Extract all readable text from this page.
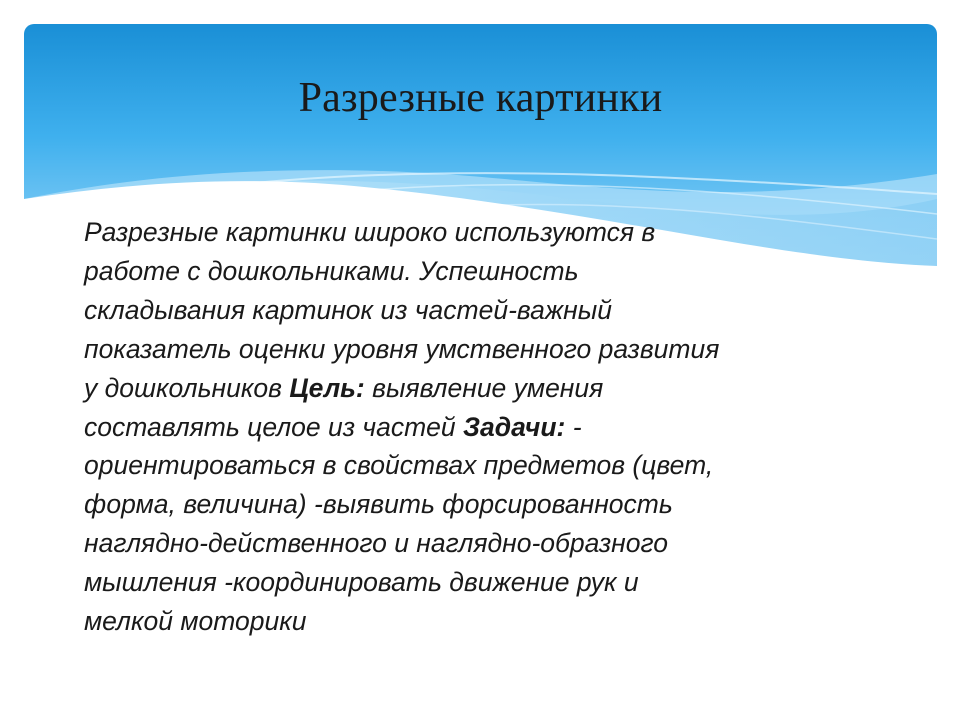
Разрезные картинки
Разрезные картинки широко используются в
работе с дошкольниками. Успешность
складывания картинок из частей-важный
показатель оценки уровня умственного развития
у дошкольников Цель: выявление умения
составлять целое из частей Задачи: -
ориентироваться в свойствах предметов (цвет,
форма, величина) -выявить форсированность
наглядно-действенного и наглядно-образного
мышления -координировать движение рук и
мелкой моторики
